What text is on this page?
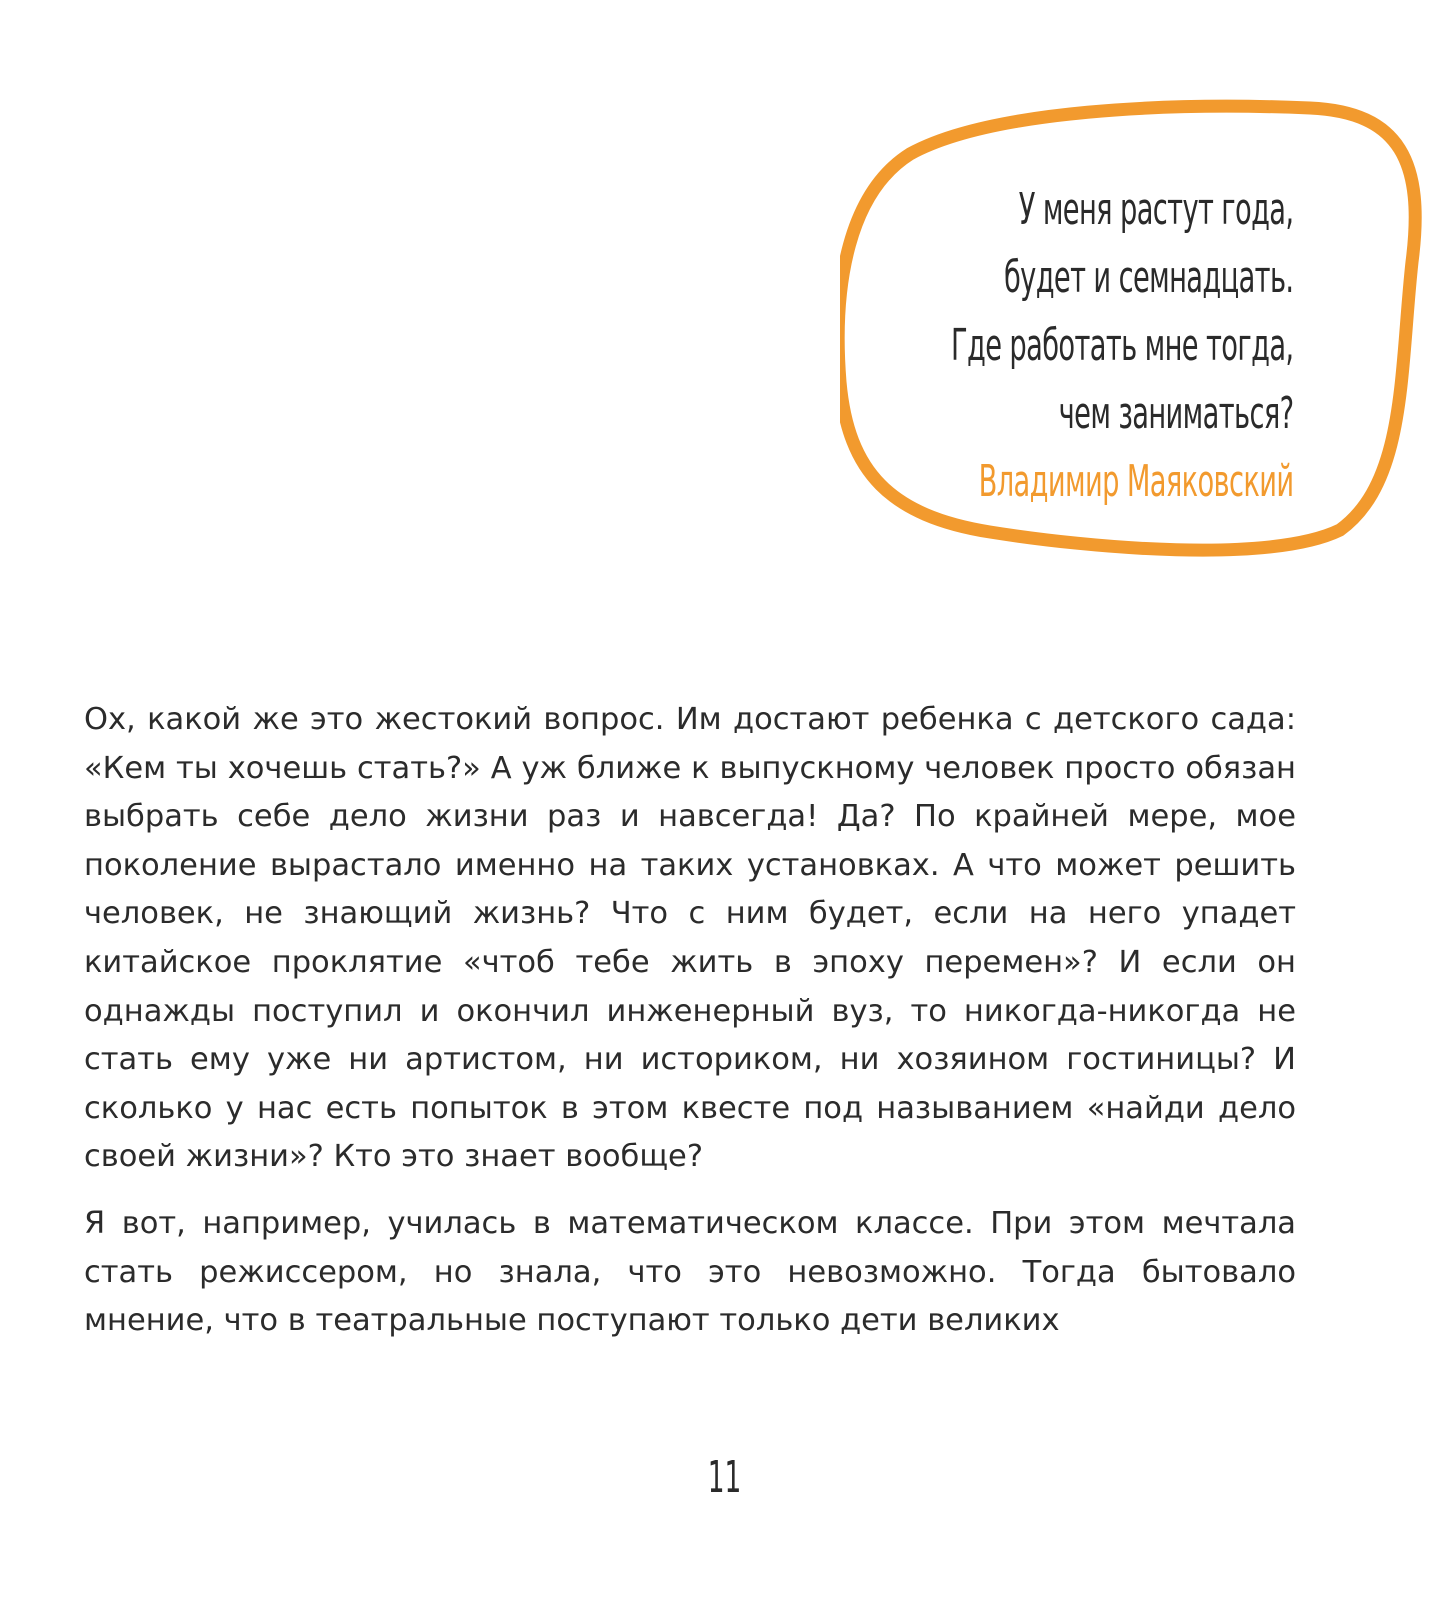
У меня растут года,
будет и семнадцать.
Где работать мне тогда,
чем заниматься?
Владимир Маяковский

Ох, какой же это жестокий вопрос. Им достают ребенка с детского сада: «Кем ты хочешь стать?» А уж ближе к выпускному человек просто обязан выбрать себе дело жизни раз и навсегда! Да? По крайней мере, мое поколение вырастало именно на таких установках. А что может решить человек, не знающий жизнь? Что с ним будет, если на него упадет китайское проклятие «чтоб тебе жить в эпоху перемен»? И если он однажды поступил и окончил инженерный вуз, то никогда-никогда не стать ему уже ни артистом, ни историком, ни хозяином гостиницы? И сколько у нас есть попыток в этом квесте под называнием «найди дело своей жизни»? Кто это знает вообще?

Я вот, например, училась в математическом классе. При этом мечтала стать режиссером, но знала, что это невозможно. Тогда бытовало мнение, что в театральные поступают только дети великих

11
